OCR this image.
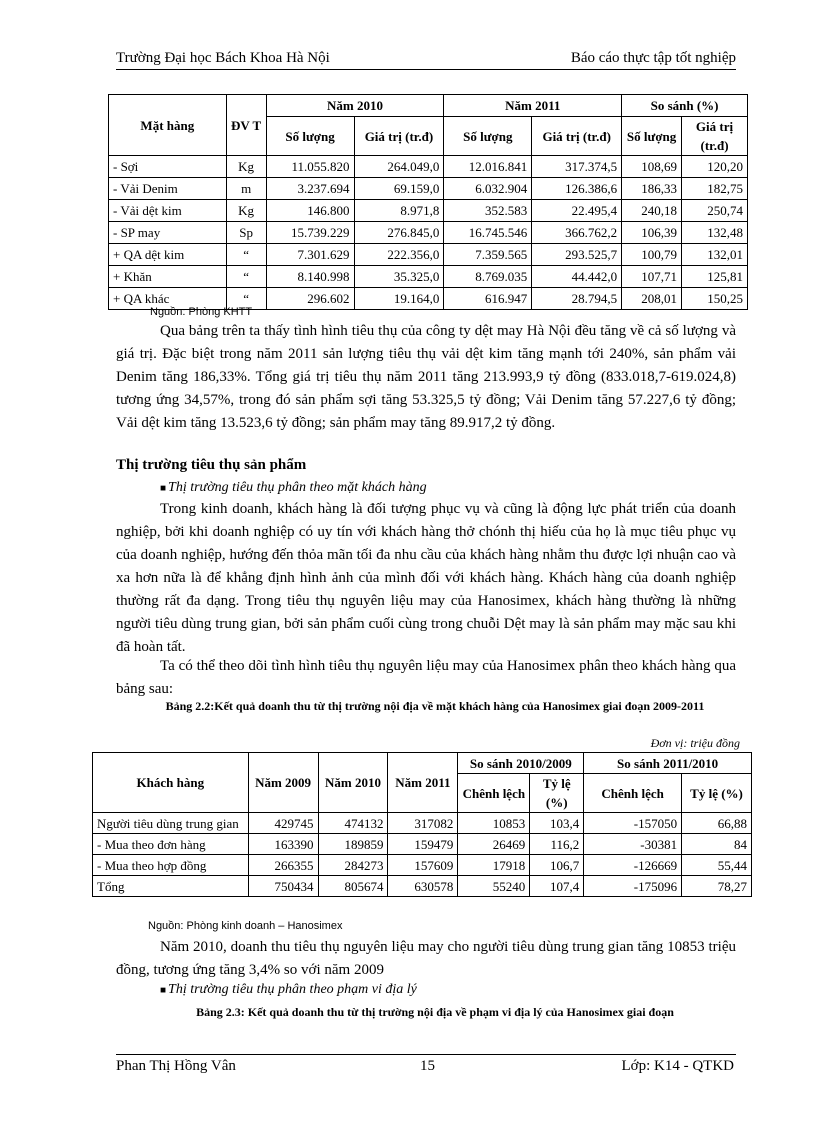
Trường Đại học Bách Khoa Hà Nội	Báo cáo thực tập tốt nghiệp
Mặt hàng	ĐV T	Năm 2010		Năm 2011		So sánh (%)	
		Số lượng	Giá trị (tr.đ)	Số lượng	Giá trị (tr.đ)	Số lượng	Giá trị (tr.đ)
- Sợi	Kg	11.055.820	264.049,0	12.016.841	317.374,5	108,69	120,20
- Vải Denim	m	3.237.694	69.159,0	6.032.904	126.386,6	186,33	182,75
- Vải dệt kim	Kg	146.800	8.971,8	352.583	22.495,4	240,18	250,74
- SP may	Sp	15.739.229	276.845,0	16.745.546	366.762,2	106,39	132,48
+ QA dệt kim	“	7.301.629	222.356,0	7.359.565	293.525,7	100,79	132,01
+ Khăn	“	8.140.998	35.325,0	8.769.035	44.442,0	107,71	125,81
+ QA khác	“	296.602	19.164,0	616.947	28.794,5	208,01	150,25
Nguồn: Phòng KHTT

Qua bảng trên ta thấy tình hình tiêu thụ của công ty dệt may Hà Nội đều tăng về cả số lượng và giá trị. Đặc biệt trong năm 2011 sản lượng tiêu thụ vải dệt kim tăng mạnh tới 240%, sản phẩm vải Denim tăng 186,33%. Tổng giá trị tiêu thụ năm 2011 tăng 213.993,9 tỷ đồng (833.018,7-619.024,8) tương ứng 34,57%, trong đó sản phẩm sợi tăng 53.325,5 tỷ đồng; Vải Denim tăng 57.227,6 tỷ đồng; Vải dệt kim tăng 13.523,6 tỷ đồng; sản phẩm may tăng 89.917,2 tỷ đồng.

Thị trường tiêu thụ sản phẩm
■ Thị trường tiêu thụ phân theo mặt khách hàng

Trong kinh doanh, khách hàng là đối tượng phục vụ và cũng là động lực phát triển của doanh nghiệp, bởi khi doanh nghiệp có uy tín với khách hàng thở chónh thị hiếu của họ là mục tiêu phục vụ của doanh nghiệp, hướng đến thỏa mãn tối đa nhu cầu của khách hàng nhằm thu được lợi nhuận cao và xa hơn nữa là để khẳng định hình ảnh của mình đối với khách hàng. Khách hàng của doanh nghiệp thường rất đa dạng. Trong tiêu thụ nguyên liệu may của Hanosimex, khách hàng thường là những người tiêu dùng trung gian, bởi sản phẩm cuối cùng trong chuỗi Dệt may là sản phẩm may mặc sau khi đã hoàn tất.

Ta có thể theo dõi tình hình tiêu thụ nguyên liệu may của Hanosimex phân theo khách hàng qua bảng sau:

Bảng 2.2:Kết quả doanh thu từ thị trường nội địa về mặt khách hàng của Hanosimex giai đoạn 2009-2011
Đơn vị: triệu đồng
Khách hàng	Năm 2009	Năm 2010	Năm 2011	So sánh 2010/2009		So sánh 2011/2010	
				Chênh lệch	Tỷ lệ (%)	Chênh lệch	Tỷ lệ (%)
Người tiêu dùng trung gian	429745	474132	317082	10853	103,4	-157050	66,88
- Mua theo đơn hàng	163390	189859	159479	26469	116,2	-30381	84
- Mua theo hợp đồng	266355	284273	157609	17918	106,7	-126669	55,44
Tổng	750434	805674	630578	55240	107,4	-175096	78,27
Nguồn: Phòng kinh doanh – Hanosimex

Năm 2010, doanh thu tiêu thụ nguyên liệu may cho người tiêu dùng trung gian tăng 10853 triệu đồng, tương ứng tăng 3,4% so với năm 2009

■ Thị trường tiêu thụ phân theo phạm vi địa lý
Bảng 2.3: Kết quả doanh thu từ thị trường nội địa về phạm vi địa lý của Hanosimex giai đoạn
Phan Thị Hồng Vân	15	Lớp: K14 - QTKD
